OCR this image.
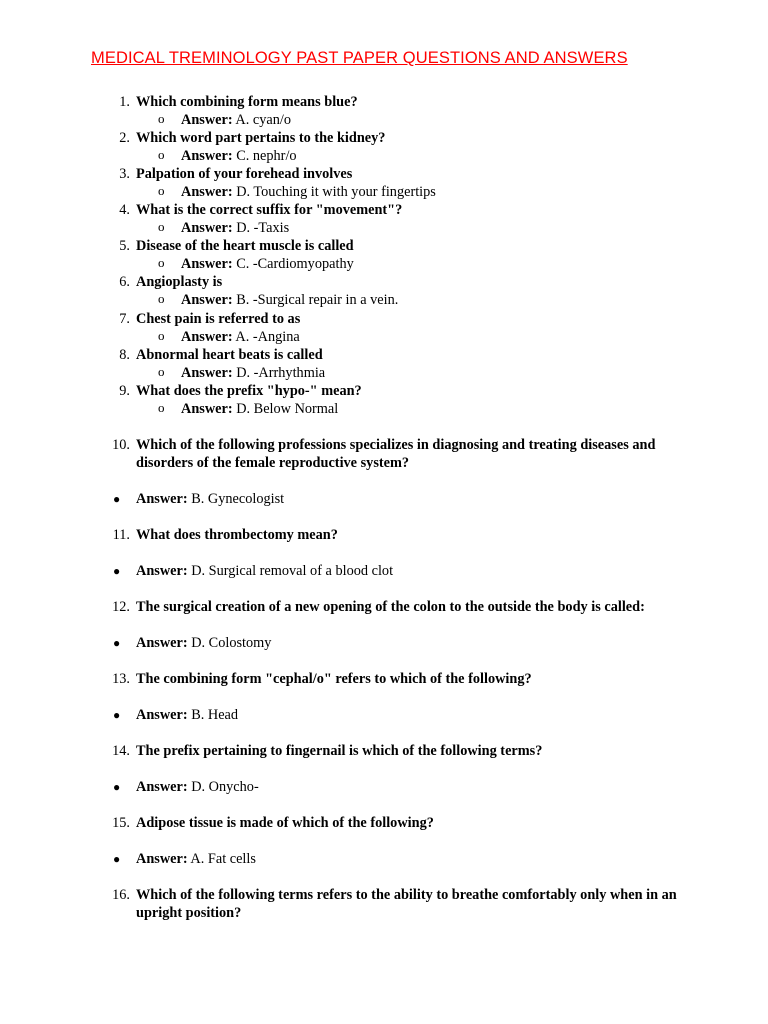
MEDICAL TREMINOLOGY PAST PAPER QUESTIONS AND ANSWERS
1. Which combining form means blue?
o Answer: A. cyan/o
2. Which word part pertains to the kidney?
o Answer: C. nephr/o
3. Palpation of your forehead involves
o Answer: D. Touching it with your fingertips
4. What is the correct suffix for "movement"?
o Answer: D. -Taxis
5. Disease of the heart muscle is called
o Answer: C. -Cardiomyopathy
6. Angioplasty is
o Answer: B. -Surgical repair in a vein.
7. Chest pain is referred to as
o Answer: A. -Angina
8. Abnormal heart beats is called
o Answer: D. -Arrhythmia
9. What does the prefix "hypo-" mean?
o Answer: D. Below Normal
10. Which of the following professions specializes in diagnosing and treating diseases and disorders of the female reproductive system?
● Answer: B. Gynecologist
11. What does thrombectomy mean?
● Answer: D. Surgical removal of a blood clot
12. The surgical creation of a new opening of the colon to the outside the body is called:
● Answer: D. Colostomy
13. The combining form "cephal/o" refers to which of the following?
● Answer: B. Head
14. The prefix pertaining to fingernail is which of the following terms?
● Answer: D. Onycho-
15. Adipose tissue is made of which of the following?
● Answer: A. Fat cells
16. Which of the following terms refers to the ability to breathe comfortably only when in an upright position?
